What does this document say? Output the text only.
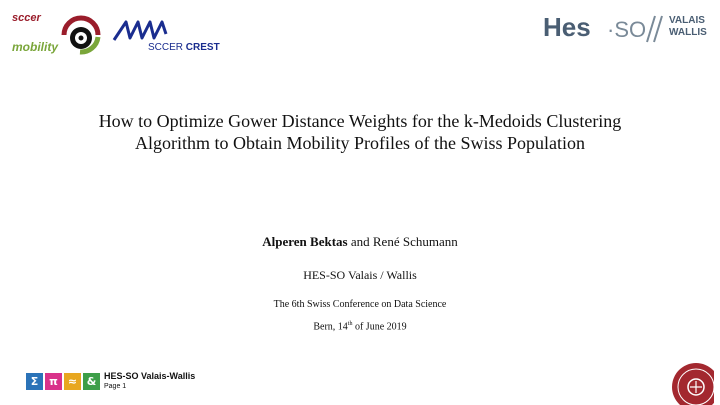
sccer
mobility	SCCER CREST
Hes ·SO VALAIS
WALLIS
How to Optimize Gower Distance Weights for the k-Medoids Clustering
Algorithm to Obtain Mobility Profiles of the Swiss Population
Alperen Bektas and René Schumann
HES-SO Valais / Wallis
The 6th Swiss Conference on Data Science
Bern, 14th of June 2019
Σ π ≈ & HES-SO Valais-Wallis
Page 1
